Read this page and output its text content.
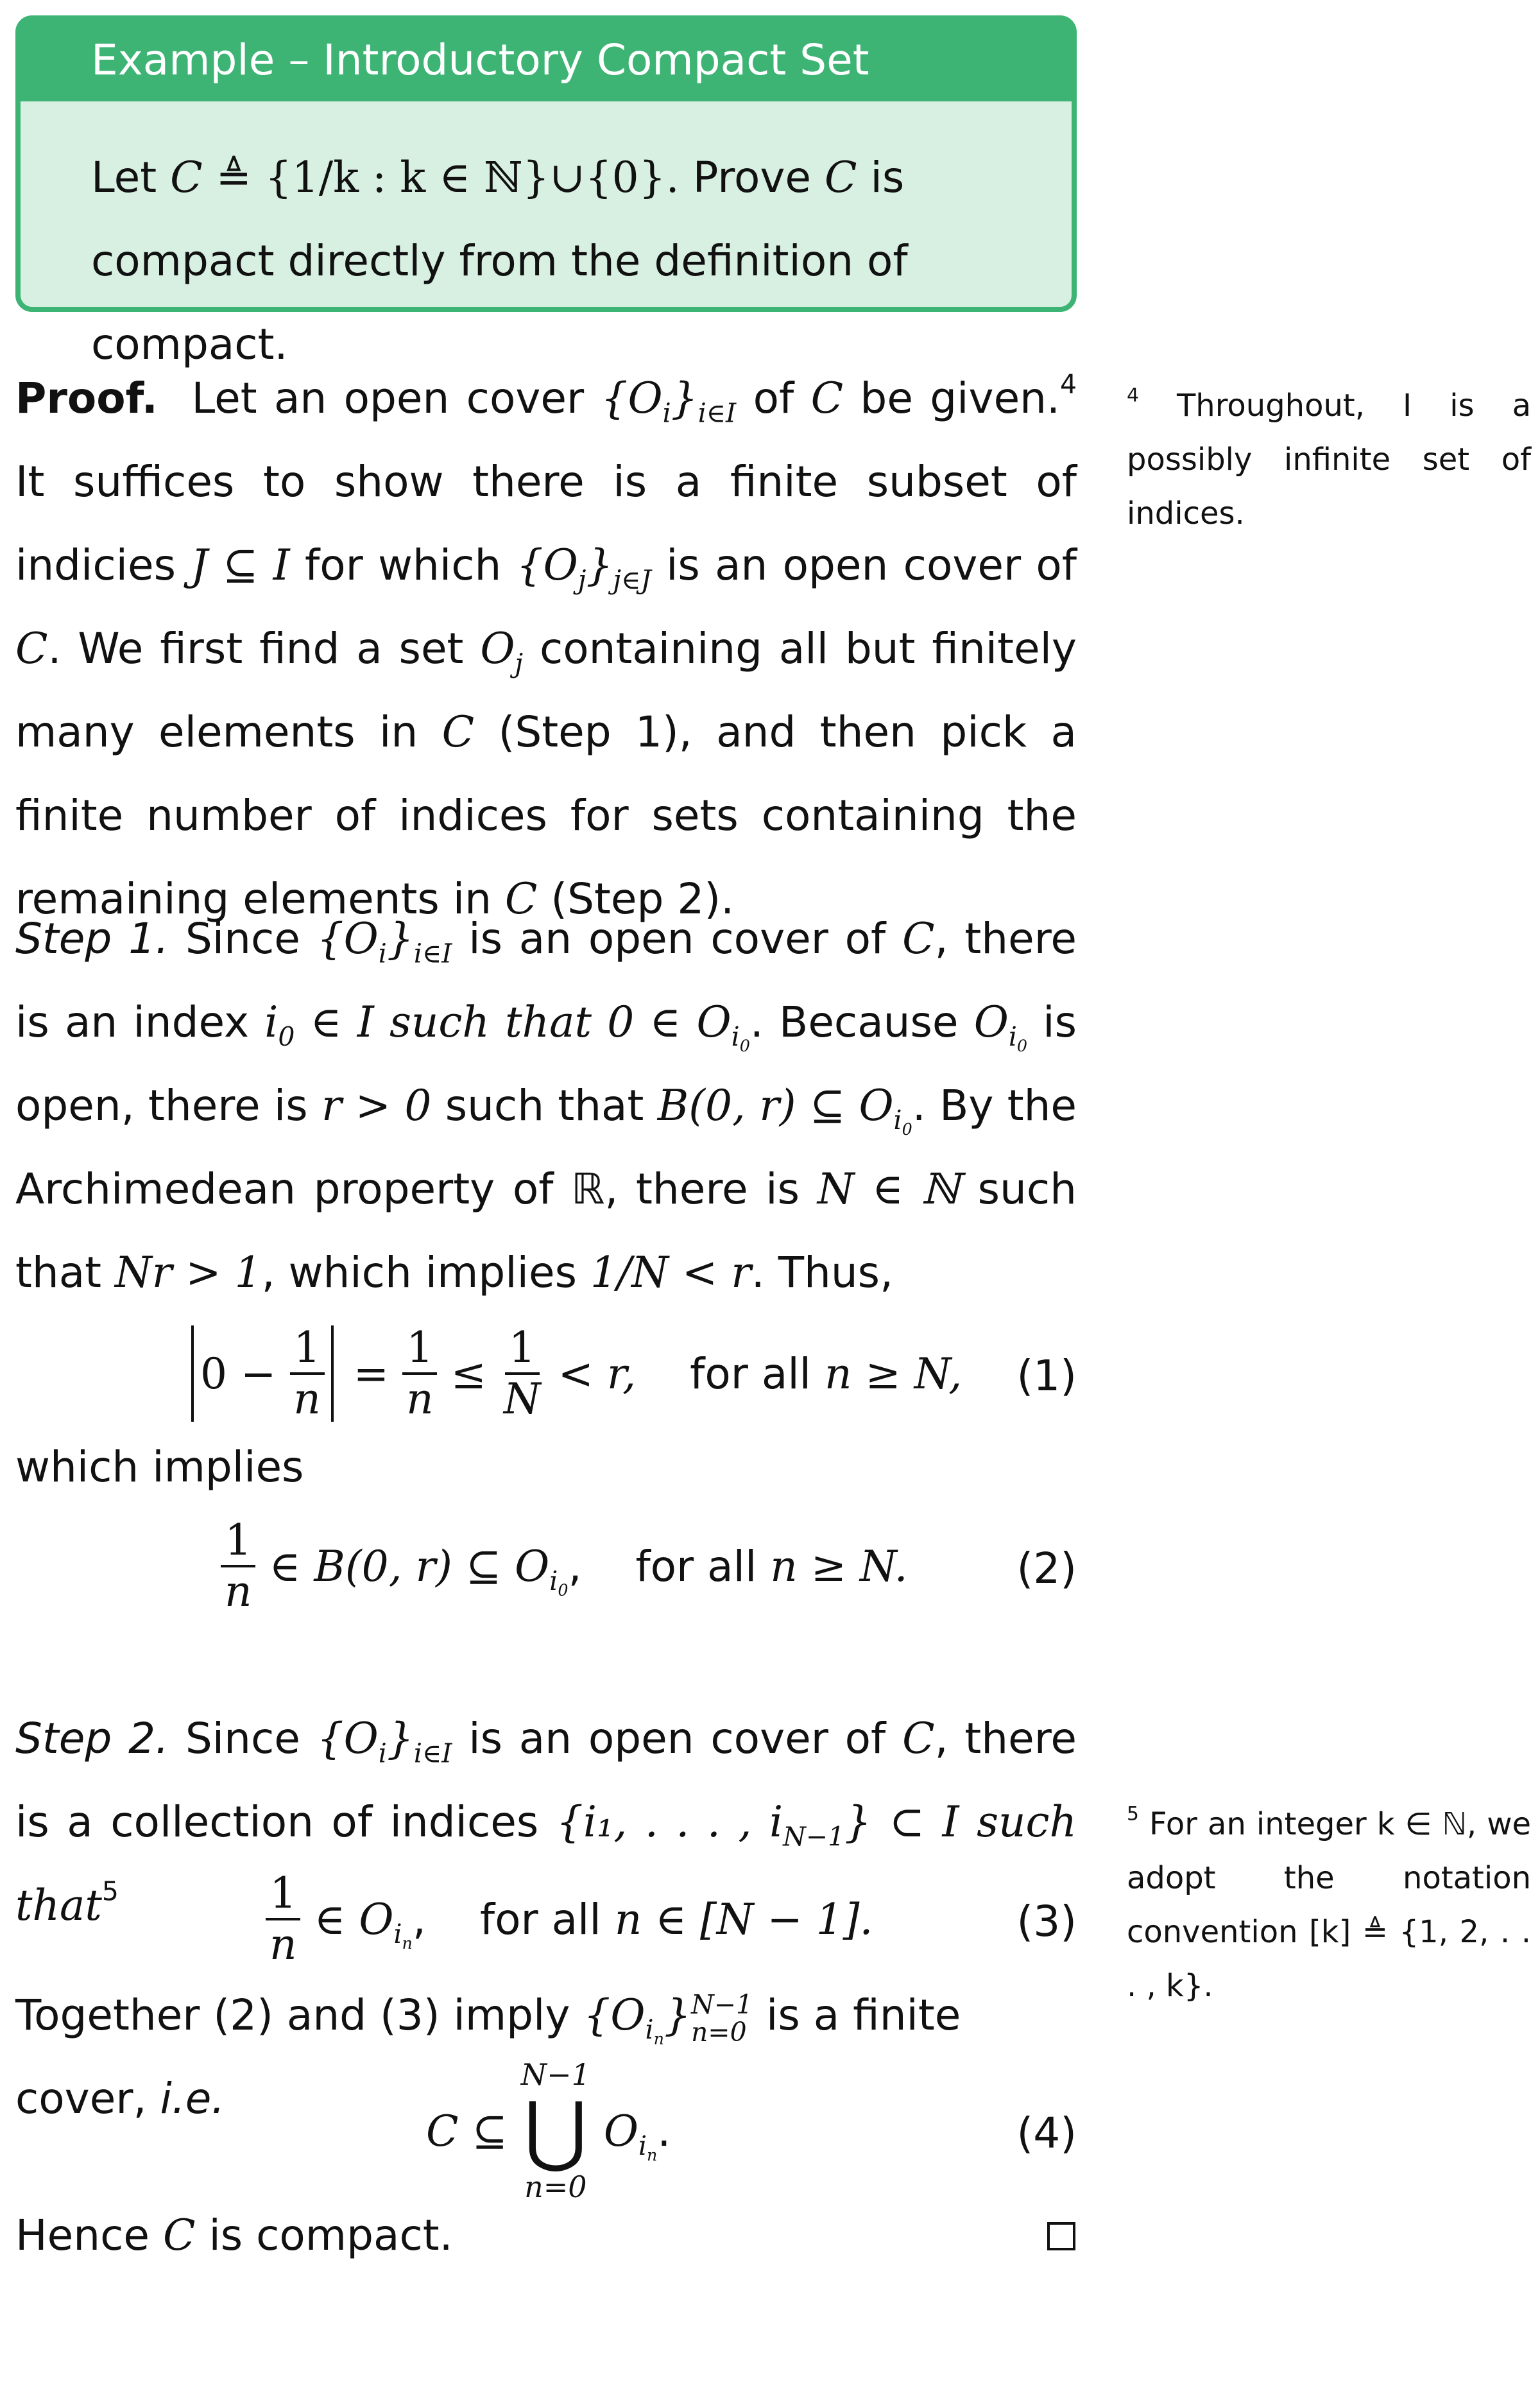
Example – Introductory Compact Set
Let C ≜ {1/k : k ∈ ℕ}∪{0}. Prove C is compact directly from the definition of compact.
Proof. Let an open cover $\{O_i\}_{i\in I}$ of C be given.$^4$ It suffices to show there is a finite subset of indicies J ⊆ I for which $\{O_j\}_{j\in J}$ is an open cover of C. We first find a set $O_j$ containing all but finitely many elements in C (Step 1), and then pick a finite number of indices for sets containing the remaining elements in C (Step 2).
Step 1. Since $\{O_i\}_{i\in I}$ is an open cover of C, there is an index $i_0$ ∈ I such that 0 ∈ $O_{i_0}$. Because $O_{i_0}$ is open, there is r > 0 such that B(0, r) ⊆ $O_{i_0}$. By the Archimedean property of ℝ, there is N ∈ ℕ such that Nr > 1, which implies 1/N < r. Thus,
0 −
$\frac{1}{n}$
=
$\frac{1}{n}$
≤
$\frac{1}{N}$
< r, for all
n ≥ N, (1)
which implies
$\frac{1}{n}$
∈ B(0, r) ⊆
$O_{i_0}$ , for all
n ≥ N.	(2)
Step 2. Since $\{O_i\}_{i\in I}$ is an open cover of C, there is a collection of indices {i₁, . . . , $i_{N-1}$} ⊂ I such that$^5$	$\frac{1}{n}$
∈
$O_{i_n}$ , for all
n ∈ [N − 1].	(3)
Together (2) and (3) imply $\{O_{i_n}\}$ N−1
n=0 is a finite cover, i.e.
C
⊆

N−1
⋃
n=0

$O_{i_n}$ .	(4)
Hence C is compact.
$^4$ Throughout, I is a possibly infinite set of indices.
$^5$ For an integer k ∈ ℕ, we adopt the notation convention [k] ≜ {1, 2, . . . , k}.
